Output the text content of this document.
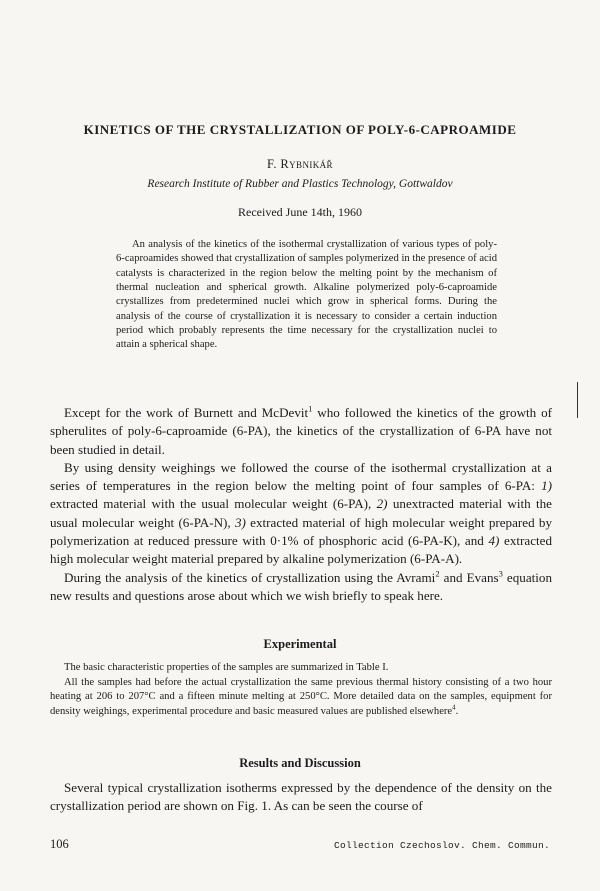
KINETICS OF THE CRYSTALLIZATION OF POLY-6-CAPROAMIDE
F. Rybnikář
Research Institute of Rubber and Plastics Technology, Gottwaldov
Received June 14th, 1960

An analysis of the kinetics of the isothermal crystallization of various types of poly-6-caproamides showed that crystallization of samples polymerized in the presence of acid catalysts is characterized in the region below the melting point by the mechanism of thermal nucleation and spherical growth. Alkaline polymerized poly-6-caproamide crystallizes from predetermined nuclei which grow in spherical forms. During the analysis of the course of crystallization it is necessary to consider a certain induction period which probably represents the time necessary for the crystallization nuclei to attain a spherical shape.

Except for the work of Burnett and McDevit$^1$ who followed the kinetics of the growth of spherulites of poly-6-caproamide (6-PA), the kinetics of the crystallization of 6-PA have not been studied in detail.

By using density weighings we followed the course of the isothermal crystallization at a series of temperatures in the region below the melting point of four samples of 6-PA: 1) extracted material with the usual molecular weight (6-PA), 2) unextracted material with the usual molecular weight (6-PA-N), 3) extracted material of high molecular weight prepared by polymerization at reduced pressure with 0·1% of phosphoric acid (6-PA-K), and 4) extracted high molecular weight material prepared by alkaline polymerization (6-PA-A).

During the analysis of the kinetics of crystallization using the Avrami$^2$ and Evans$^3$ equation new results and questions arose about which we wish briefly to speak here.

Experimental

The basic characteristic properties of the samples are summarized in Table I.

All the samples had before the actual crystallization the same previous thermal history consisting of a two hour heating at 206 to 207°C and a fifteen minute melting at 250°C. More detailed data on the samples, equipment for density weighings, experimental procedure and basic measured values are published elsewhere$^4$.

Results and Discussion

Several typical crystallization isotherms expressed by the dependence of the density on the crystallization period are shown on Fig. 1. As can be seen the course of

106	Collection Czechoslov. Chem. Commun.
